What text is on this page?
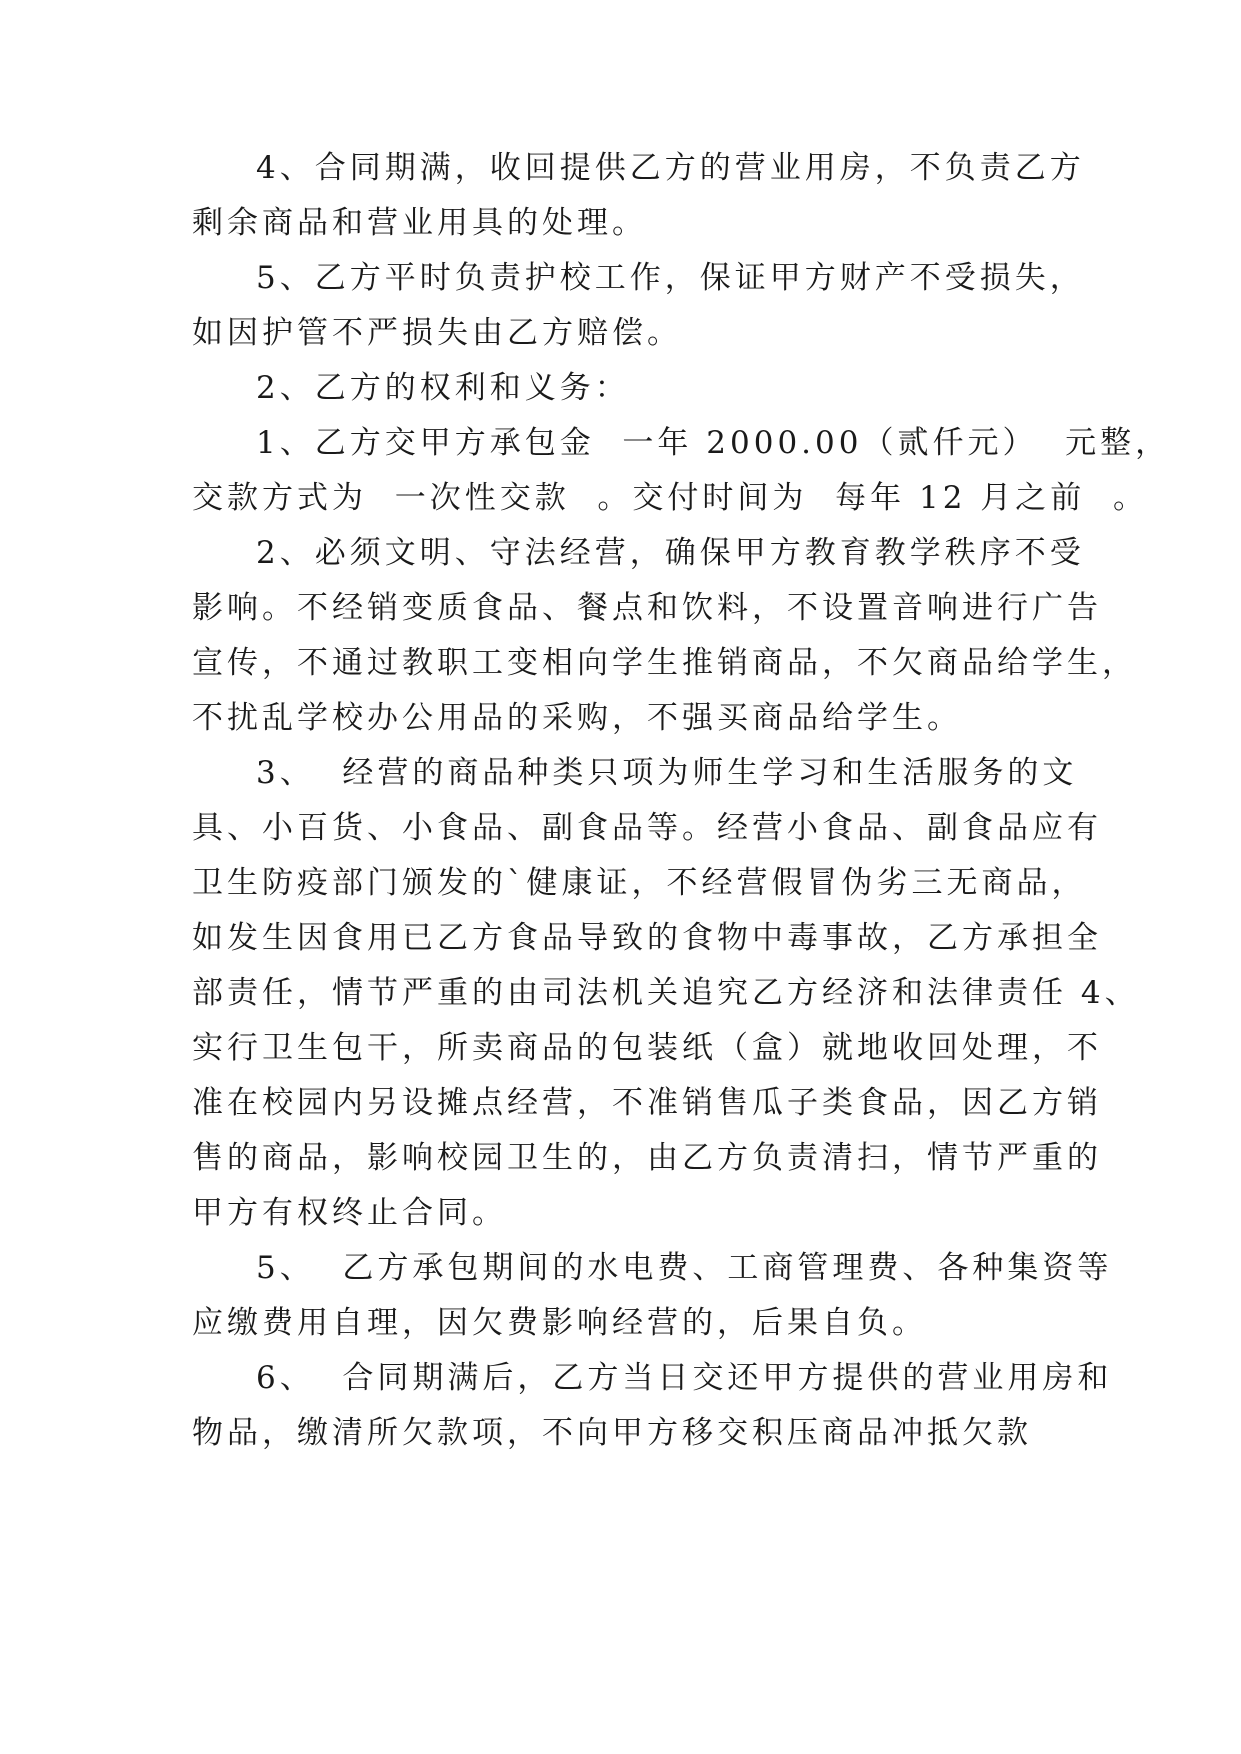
4、合同期满，收回提供乙方的营业用房，不负责乙方
剩余商品和营业用具的处理。
5、乙方平时负责护校工作，保证甲方财产不受损失，
如因护管不严损失由乙方赔偿。
2、乙方的权利和义务：
1、乙方交甲方承包金  一年 2000.00（贰仟元）  元整，
交款方式为  一次性交款  。交付时间为  每年 12 月之前  。
2、必须文明、守法经营，确保甲方教育教学秩序不受
影响。不经销变质食品、餐点和饮料，不设置音响进行广告
宣传，不通过教职工变相向学生推销商品，不欠商品给学生，
不扰乱学校办公用品的采购，不强买商品给学生。
3、  经营的商品种类只项为师生学习和生活服务的文
具、小百货、小食品、副食品等。经营小食品、副食品应有
卫生防疫部门颁发的`健康证，不经营假冒伪劣三无商品，
如发生因食用已乙方食品导致的食物中毒事故，乙方承担全
部责任，情节严重的由司法机关追究乙方经济和法律责任 4、
实行卫生包干，所卖商品的包装纸（盒）就地收回处理，不
准在校园内另设摊点经营，不准销售瓜子类食品，因乙方销
售的商品，影响校园卫生的，由乙方负责清扫，情节严重的
甲方有权终止合同。
5、  乙方承包期间的水电费、工商管理费、各种集资等
应缴费用自理，因欠费影响经营的，后果自负。
6、  合同期满后，乙方当日交还甲方提供的营业用房和
物品，缴清所欠款项，不向甲方移交积压商品冲抵欠款
